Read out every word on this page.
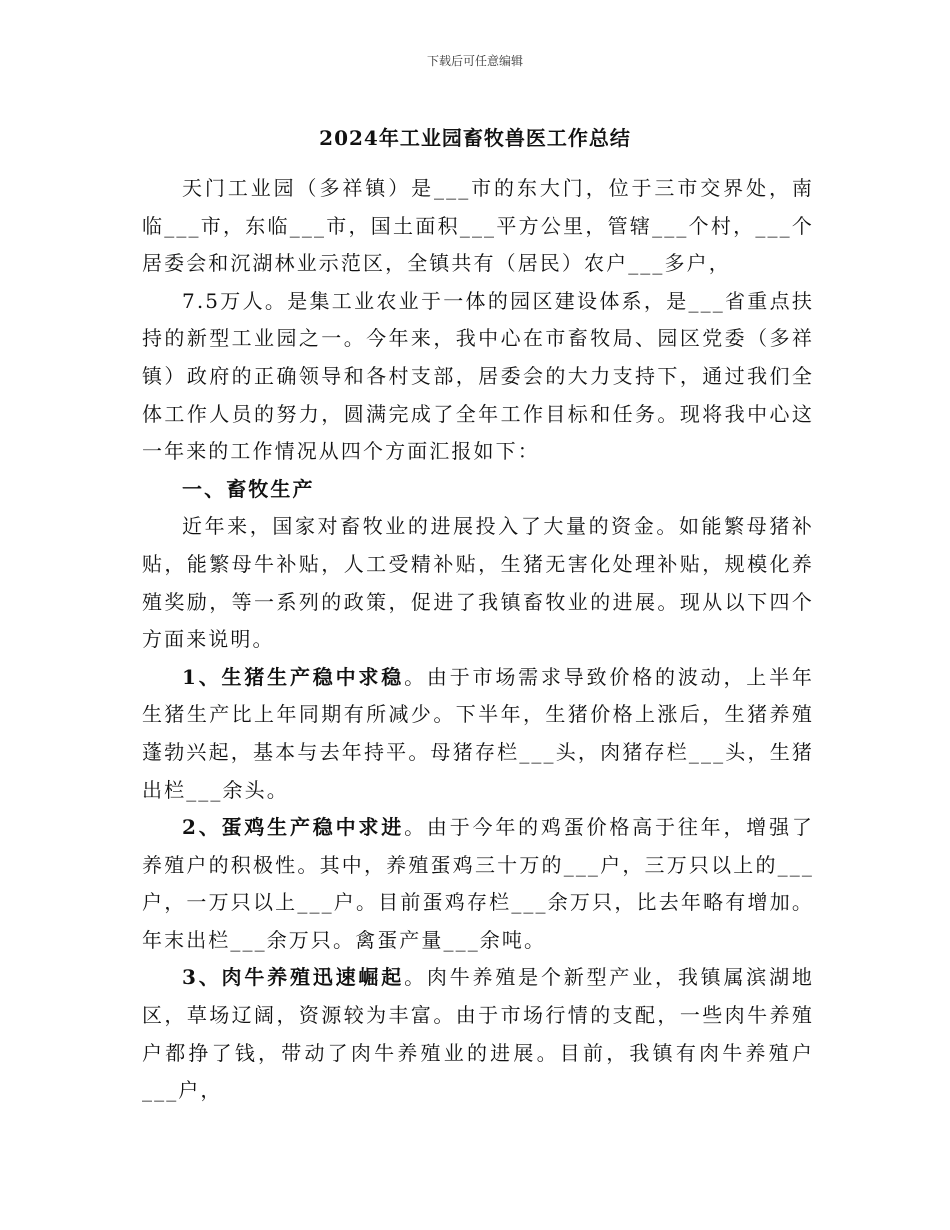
下载后可任意编辑
2024年工业园畜牧兽医工作总结

天门工业园（多祥镇）是___市的东大门，位于三市交界处，南临___市，东临___市，国土面积___平方公里，管辖___个村，___个居委会和沉湖林业示范区，全镇共有（居民）农户___多户，

7.5万人。是集工业农业于一体的园区建设体系，是___省重点扶持的新型工业园之一。今年来，我中心在市畜牧局、园区党委（多祥镇）政府的正确领导和各村支部，居委会的大力支持下，通过我们全体工作人员的努力，圆满完成了全年工作目标和任务。现将我中心这一年来的工作情况从四个方面汇报如下：

一、畜牧生产

近年来，国家对畜牧业的进展投入了大量的资金。如能繁母猪补贴，能繁母牛补贴，人工受精补贴，生猪无害化处理补贴，规模化养殖奖励，等一系列的政策，促进了我镇畜牧业的进展。现从以下四个方面来说明。

1、生猪生产稳中求稳。由于市场需求导致价格的波动，上半年生猪生产比上年同期有所减少。下半年，生猪价格上涨后，生猪养殖蓬勃兴起，基本与去年持平。母猪存栏___头，肉猪存栏___头，生猪出栏___余头。

2、蛋鸡生产稳中求进。由于今年的鸡蛋价格高于往年，增强了养殖户的积极性。其中，养殖蛋鸡三十万的___户，三万只以上的___户，一万只以上___户。目前蛋鸡存栏___余万只，比去年略有增加。年末出栏___余万只。禽蛋产量___余吨。

3、肉牛养殖迅速崛起。肉牛养殖是个新型产业，我镇属滨湖地区，草场辽阔，资源较为丰富。由于市场行情的支配，一些肉牛养殖户都挣了钱，带动了肉牛养殖业的进展。目前，我镇有肉牛养殖户___户，
